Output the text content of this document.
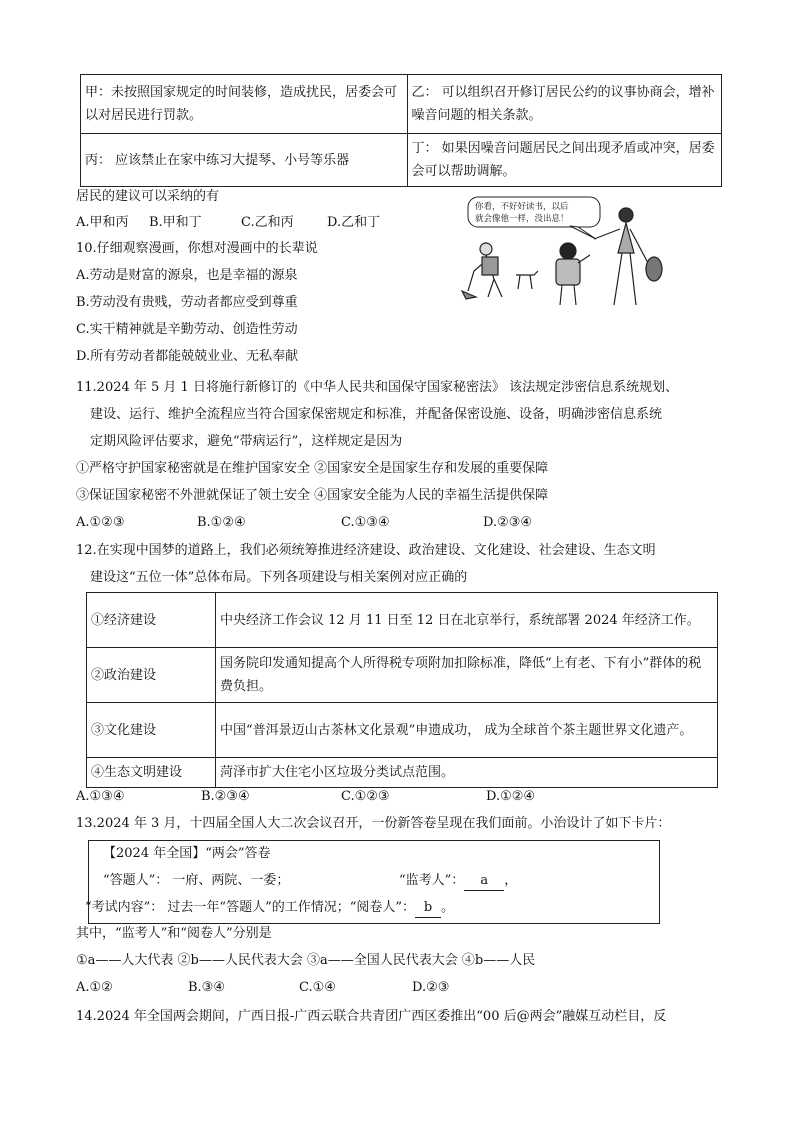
甲：未按照国家规定的时间装修，造成扰民，居委会可以对居民进行罚款。	乙： 可以组织召开修订居民公约的议事协商会，增补噪音问题的相关条款。
丙： 应该禁止在家中练习大提琴、小号等乐器	丁： 如果因噪音问题居民之间出现矛盾或冲突，居委会可以帮助调解。
居民的建议可以采纳的有
A.甲和丙 B.甲和丁	C.乙和丙	D.乙和丁
10.仔细观察漫画，你想对漫画中的长辈说
A.劳动是财富的源泉，也是幸福的源泉
B.劳动没有贵贱，劳动者都应受到尊重
C.实干精神就是辛勤劳动、创造性劳动
D.所有劳动者都能兢兢业业、无私奉献
你看，不好好读书，以后
就会像他一样，没出息！
11.2024 年 5 月 1 日将施行新修订的《中华人民共和国保守国家秘密法》 该法规定涉密信息系统规划、
建设、运行、维护全流程应当符合国家保密规定和标准，并配备保密设施、设备，明确涉密信息系统
定期风险评估要求，避免“带病运行”，这样规定是因为
①严格守护国家秘密就是在维护国家安全 ②国家安全是国家生存和发展的重要保障
③保证国家秘密不外泄就保证了领土安全 ④国家安全能为人民的幸福生活提供保障
A.①②③	B.①②④	C.①③④	D.②③④
12.在实现中国梦的道路上，我们必须统筹推进经济建设、政治建设、文化建设、社会建设、生态文明
建设这“五位一体”总体布局。下列各项建设与相关案例对应正确的
①经济建设	中央经济工作会议 12 月 11 日至 12 日在北京举行，系统部署 2024 年经济工作。
②政治建设	国务院印发通知提高个人所得税专项附加扣除标准，降低“上有老、下有小”群体的税费负担。
③文化建设	中国“普洱景迈山古茶林文化景观”申遗成功， 成为全球首个茶主题世界文化遗产。
④生态文明建设	菏泽市扩大住宅小区垃圾分类试点范围。
A.①③④	B.②③④	C.①②③	D.①②④
13.2024 年 3 月，十四届全国人大二次会议召开，一份新答卷呈现在我们面前。小治设计了如下卡片：
【2024 年全国】“两会”答卷
“答题人”： 一府、两院、一委；	“监考人”： a ，
“考试内容”： 过去一年“答题人”的工作情况；“阅卷人”： b 。
其中，“监考人”和“阅卷人”分别是
①a——人大代表 ②b——人民代表大会 ③a——全国人民代表大会 ④b——人民
A.①②	B.③④	C.①④	D.②③
14.2024 年全国两会期间，广西日报-广西云联合共青团广西区委推出“00 后@两会”融媒互动栏目，反
